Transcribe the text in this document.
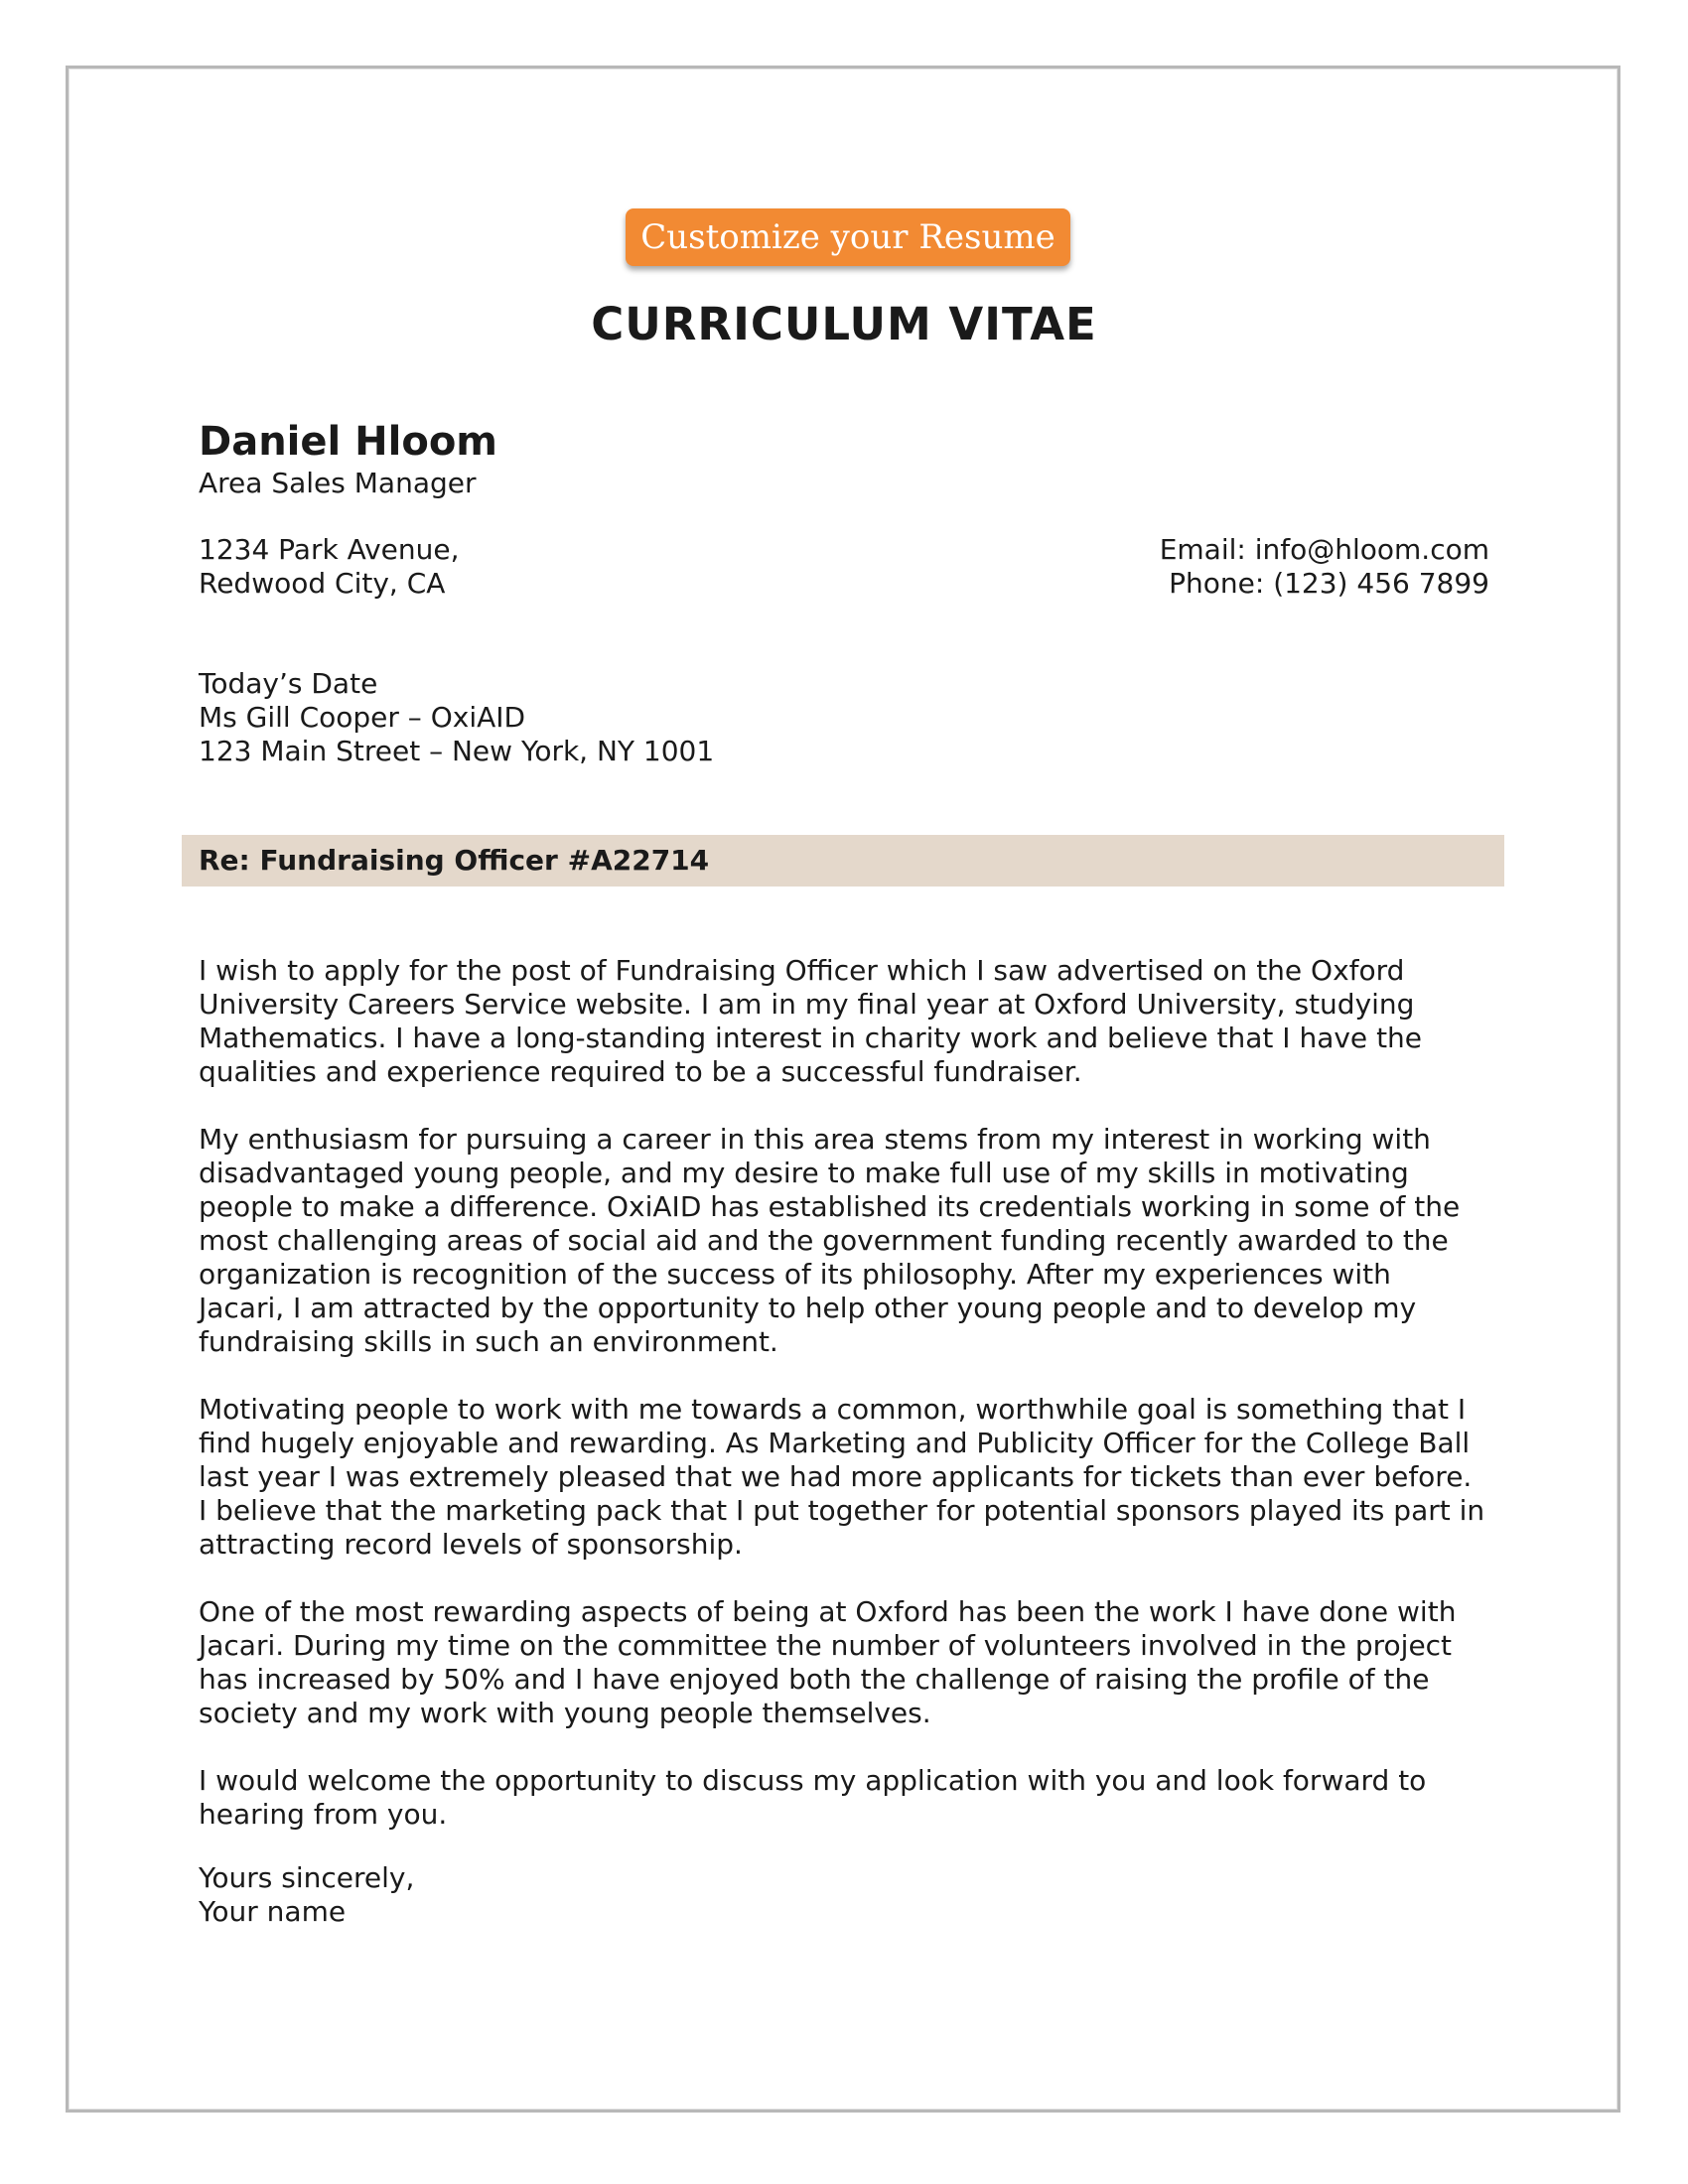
Customize your Resume
CURRICULUM VITAE
Daniel Hloom
Area Sales Manager
1234 Park Avenue,
Redwood City, CA
Email: info@hloom.com
Phone: (123) 456 7899
Today’s Date
Ms Gill Cooper – OxiAID
123 Main Street – New York, NY 1001
Re: Fundraising Officer #A22714

I wish to apply for the post of Fundraising Officer which I saw advertised on the Oxford
University Careers Service website. I am in my final year at Oxford University, studying
Mathematics. I have a long-standing interest in charity work and believe that I have the
qualities and experience required to be a successful fundraiser.

My enthusiasm for pursuing a career in this area stems from my interest in working with
disadvantaged young people, and my desire to make full use of my skills in motivating
people to make a difference. OxiAID has established its credentials working in some of the
most challenging areas of social aid and the government funding recently awarded to the
organization is recognition of the success of its philosophy. After my experiences with
Jacari, I am attracted by the opportunity to help other young people and to develop my
fundraising skills in such an environment.

Motivating people to work with me towards a common, worthwhile goal is something that I
find hugely enjoyable and rewarding. As Marketing and Publicity Officer for the College Ball
last year I was extremely pleased that we had more applicants for tickets than ever before.
I believe that the marketing pack that I put together for potential sponsors played its part in
attracting record levels of sponsorship.

One of the most rewarding aspects of being at Oxford has been the work I have done with
Jacari. During my time on the committee the number of volunteers involved in the project
has increased by 50% and I have enjoyed both the challenge of raising the profile of the
society and my work with young people themselves.

I would welcome the opportunity to discuss my application with you and look forward to
hearing from you.

Yours sincerely,
Your name
